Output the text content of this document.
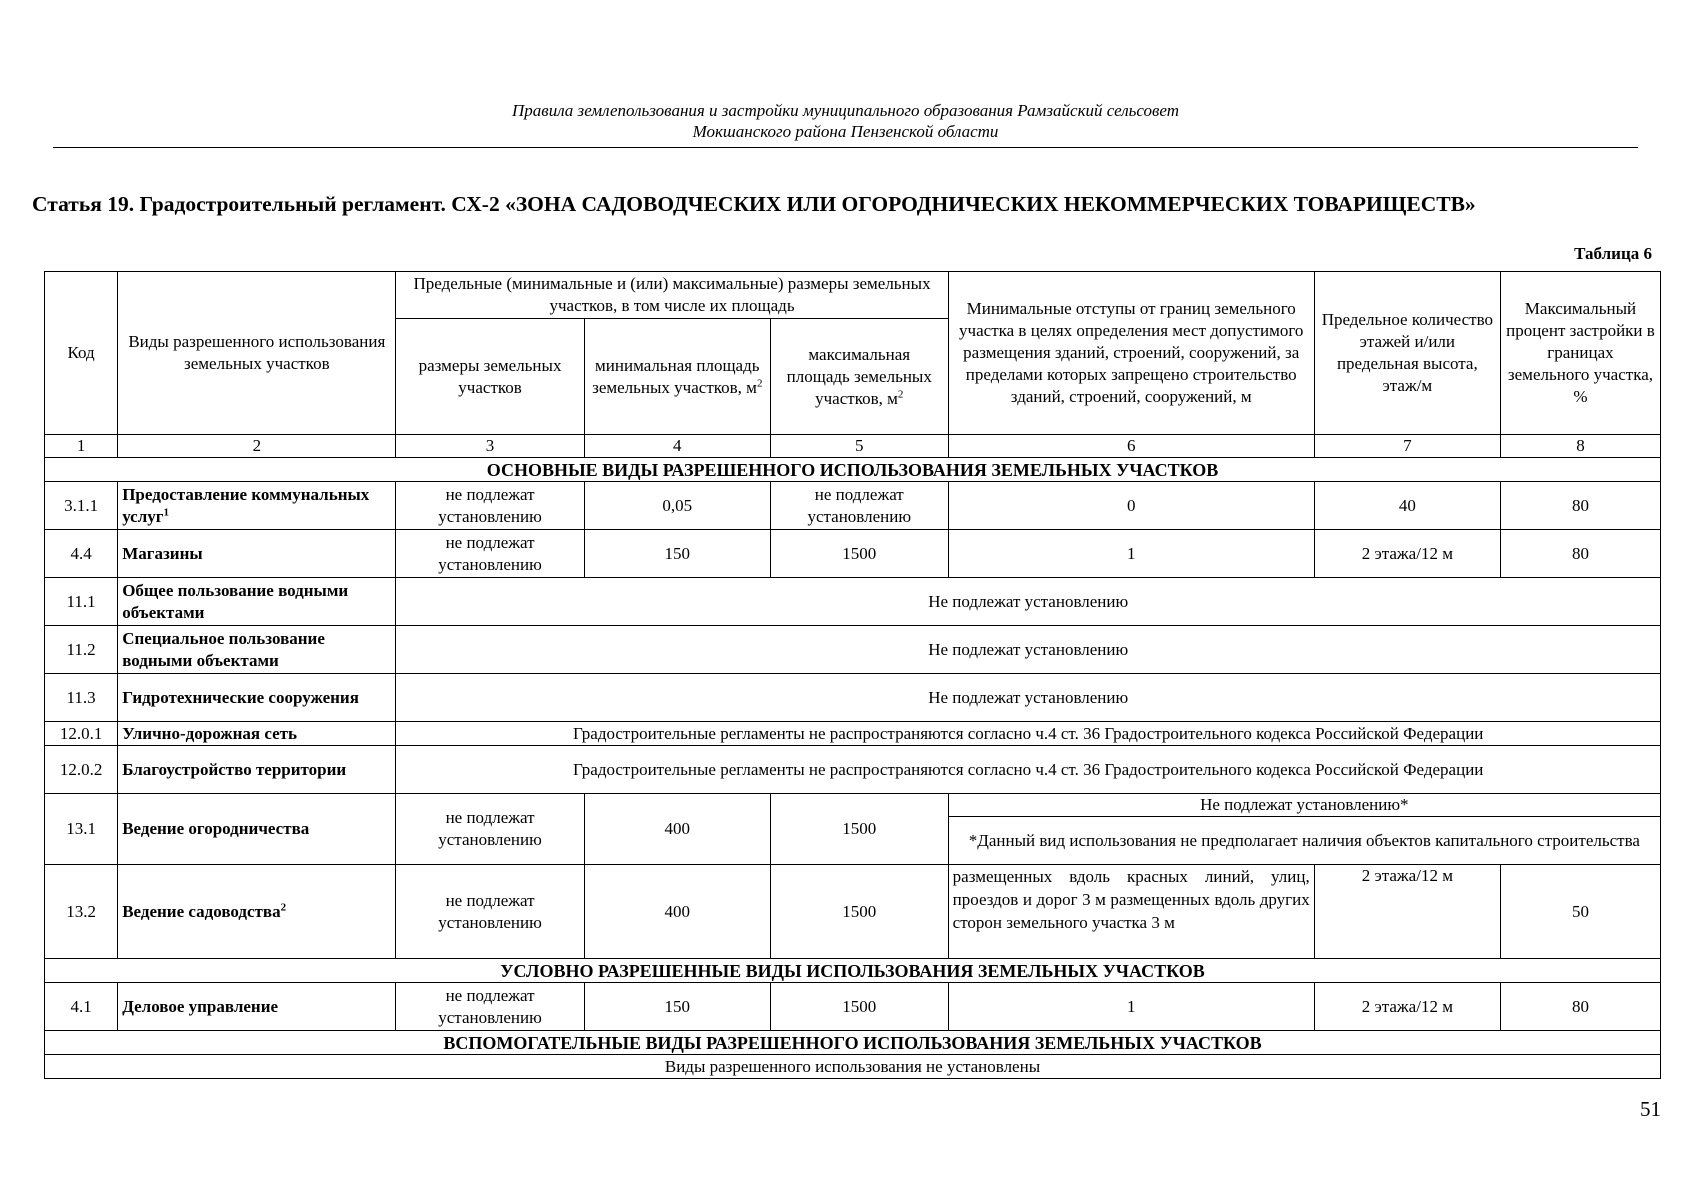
Правила землепользования и застройки муниципального образования Рамзайский сельсовет
Мокшанского района Пензенской области
Статья 19. Градостроительный регламент. СХ-2 «ЗОНА САДОВОДЧЕСКИХ ИЛИ ОГОРОДНИЧЕСКИХ НЕКОММЕРЧЕСКИХ ТОВАРИЩЕСТВ»
Таблица 6
Код	Виды разрешенного использования земельных участков	Предельные (минимальные и (или) максимальные) размеры земельных участков, в том числе их площадь			Минимальные отступы от границ земельного участка в целях определения мест допустимого размещения зданий, строений, сооружений, за пределами которых запрещено строительство зданий, строений, сооружений, м	Предельное количество этажей и/или предельная высота, этаж/м	Максимальный процент застройки в границах земельного участка, %
		размеры земельных участков	минимальная площадь земельных участков, $м^2$	максимальная площадь земельных участков, $м^2$
1	2	3	4	5	6	7	8
ОСНОВНЫЕ ВИДЫ РАЗРЕШЕННОГО ИСПОЛЬЗОВАНИЯ ЗЕМЕЛЬНЫХ УЧАСТКОВ							
3.1.1	Предоставление коммунальных услуг$^1$	не подлежат установлению	0,05	не подлежат установлению	0	40	80
4.4	Магазины	не подлежат установлению	150	1500	1	2 этажа/12 м	80
11.1	Общее пользование водными объектами	Не подлежат установлению					
11.2	Специальное пользование водными объектами	Не подлежат установлению					
11.3	Гидротехнические сооружения	Не подлежат установлению					
12.0.1	Улично-дорожная сеть	Градостроительные регламенты не распространяются согласно ч.4 ст. 36 Градостроительного кодекса Российской Федерации					
12.0.2	Благоустройство территории	Градостроительные регламенты не распространяются согласно ч.4 ст. 36 Градостроительного кодекса Российской Федерации					
13.1	Ведение огородничества	не подлежат установлению	400	1500	Не подлежат установлению*		
					*Данный вид использования не предполагает наличия объектов капитального строительства		
13.2	Ведение садоводства$^2$	не подлежат установлению	400	1500	размещенных вдоль красных линий, улиц, проездов и дорог 3 м размещенных вдоль других сторон земельного участка 3 м	2 этажа/12 м	50
УСЛОВНО РАЗРЕШЕННЫЕ ВИДЫ ИСПОЛЬЗОВАНИЯ ЗЕМЕЛЬНЫХ УЧАСТКОВ							
4.1	Деловое управление	не подлежат установлению	150	1500	1	2 этажа/12 м	80
ВСПОМОГАТЕЛЬНЫЕ ВИДЫ РАЗРЕШЕННОГО ИСПОЛЬЗОВАНИЯ ЗЕМЕЛЬНЫХ УЧАСТКОВ							
Виды разрешенного использования не установлены							
51
